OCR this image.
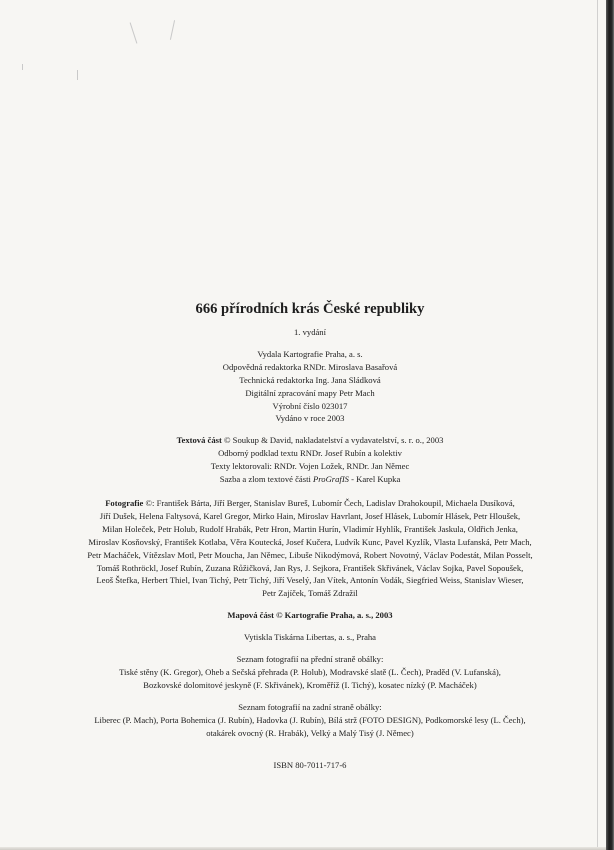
666 přírodních krás České republiky
1. vydání
Vydala Kartografie Praha, a. s.
Odpovědná redaktorka RNDr. Miroslava Basařová
Technická redaktorka Ing. Jana Sládková
Digitální zpracování mapy Petr Mach
Výrobní číslo 023017
Vydáno v roce 2003
Textová část © Soukup & David, nakladatelství a vydavatelství, s. r. o., 2003
Odborný podklad textu RNDr. Josef Rubín a kolektiv
Texty lektorovali: RNDr. Vojen Ložek, RNDr. Jan Němec
Sazba a zlom textové části ProGrafIS - Karel Kupka
Fotografie ©: František Bárta, Jiří Berger, Stanislav Bureš, Lubomír Čech, Ladislav Drahokoupil, Michaela Dusíková,
Jiří Dušek, Helena Faltysová, Karel Gregor, Mirko Hain, Miroslav Havrlant, Josef Hlásek, Lubomír Hlásek, Petr Hloušek,
Milan Holeček, Petr Holub, Rudolf Hrabák, Petr Hron, Martin Hurín, Vladimír Hyhlík, František Jaskula, Oldřich Jenka,
Miroslav Kosňovský, František Kotlaba, Věra Koutecká, Josef Kučera, Ludvík Kunc, Pavel Kyzlík, Vlasta Lufanská, Petr Mach,
Petr Macháček, Vítězslav Motl, Petr Moucha, Jan Němec, Libuše Nikodýmová, Robert Novotný, Václav Podestát, Milan Posselt,
Tomáš Rothröckl, Josef Rubín, Zuzana Růžičková, Jan Rys, J. Sejkora, František Skřivánek, Václav Sojka, Pavel Sopoušek,
Leoš Štefka, Herbert Thiel, Ivan Tichý, Petr Tichý, Jiří Veselý, Jan Vítek, Antonín Vodák, Siegfried Weiss, Stanislav Wieser,
Petr Zajíček, Tomáš Zdražil
Mapová část © Kartografie Praha, a. s., 2003
Vytiskla Tiskárna Libertas, a. s., Praha
Seznam fotografií na přední straně obálky:
Tiské stěny (K. Gregor), Oheb a Sečská přehrada (P. Holub), Modravské slatě (L. Čech), Praděd (V. Lufanská),
Bozkovské dolomitové jeskyně (F. Skřivánek), Kroměříž (I. Tichý), kosatec nízký (P. Macháček)
Seznam fotografií na zadní straně obálky:
Liberec (P. Mach), Porta Bohemica (J. Rubín), Hadovka (J. Rubín), Bílá strž (FOTO DESIGN), Podkomorské lesy (L. Čech),
otakárek ovocný (R. Hrabák), Velký a Malý Tisý (J. Němec)
ISBN 80-7011-717-6
